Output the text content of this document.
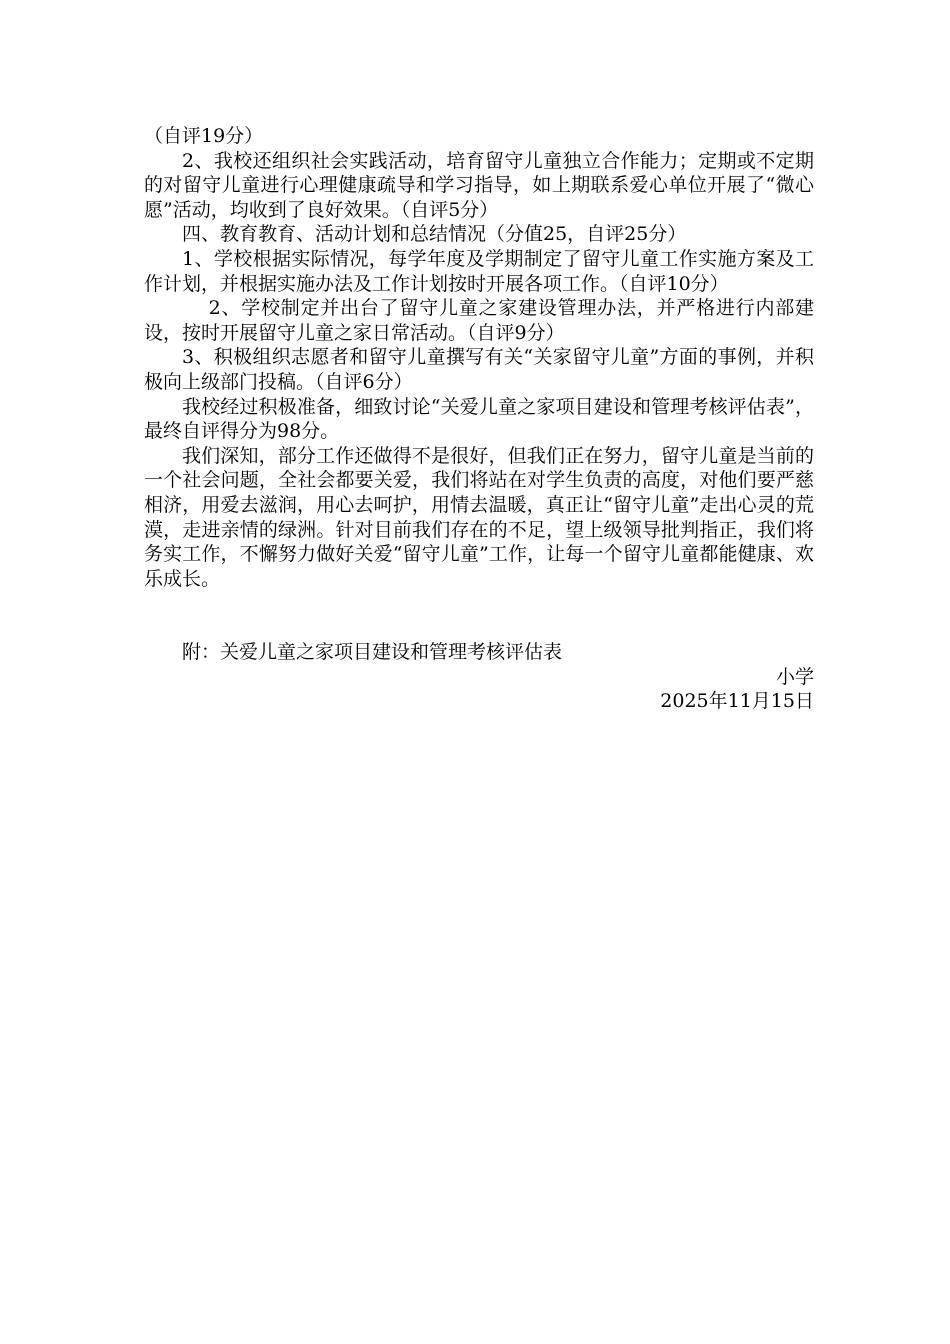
（自评19分）

2、我校还组织社会实践活动，培育留守儿童独立合作能力；定期或不定期的对留守儿童进行心理健康疏导和学习指导，如上期联系爱心单位开展了“微心愿”活动，均收到了良好效果。（自评5分）

四、教育教育、活动计划和总结情况（分值25，自评25分）

1、学校根据实际情况，每学年度及学期制定了留守儿童工作实施方案及工作计划，并根据实施办法及工作计划按时开展各项工作。（自评10分）

2、学校制定并出台了留守儿童之家建设管理办法，并严格进行内部建设，按时开展留守儿童之家日常活动。（自评9分）

3、积极组织志愿者和留守儿童撰写有关“关家留守儿童”方面的事例，并积极向上级部门投稿。（自评6分）

我校经过积极准备，细致讨论“关爱儿童之家项目建设和管理考核评估表”，最终自评得分为98分。

我们深知，部分工作还做得不是很好，但我们正在努力，留守儿童是当前的一个社会问题，全社会都要关爱，我们将站在对学生负责的高度，对他们要严慈相济，用爱去滋润，用心去呵护，用情去温暖，真正让“留守儿童”走出心灵的荒漠，走进亲情的绿洲。针对目前我们存在的不足，望上级领导批判指正，我们将务实工作，不懈努力做好关爱“留守儿童”工作，让每一个留守儿童都能健康、欢乐成长。

附：关爱儿童之家项目建设和管理考核评估表

小学

2025年11月15日
